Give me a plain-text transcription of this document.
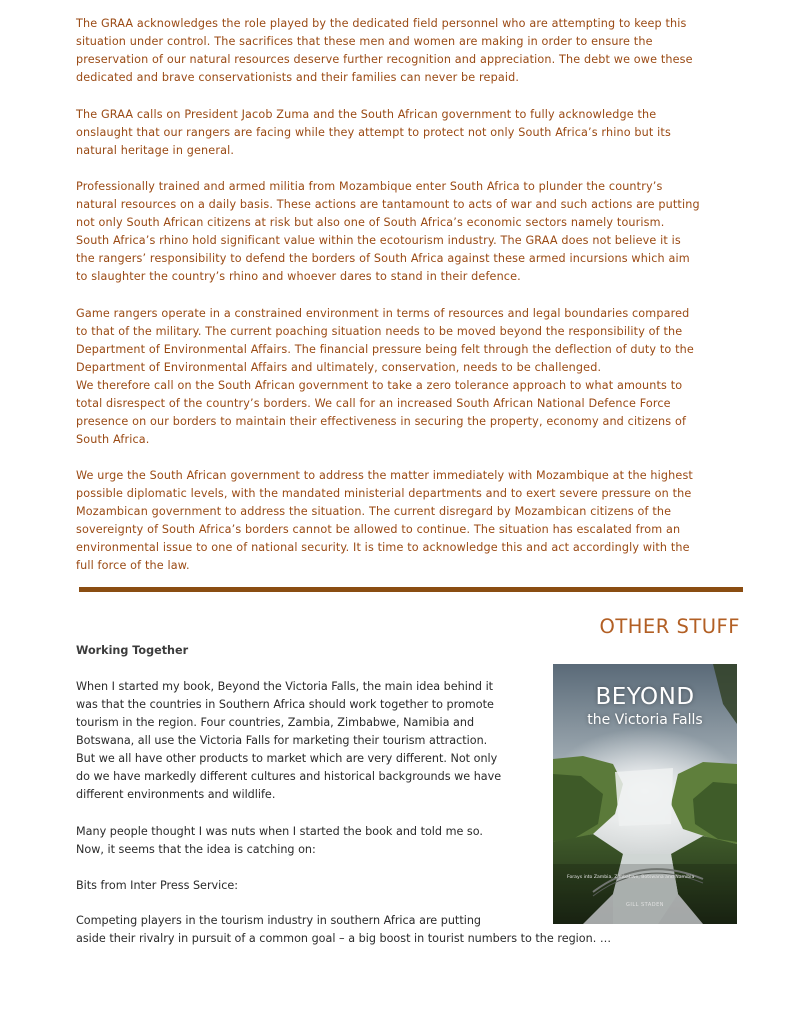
The GRAA acknowledges the role played by the dedicated field personnel who are attempting to keep this
situation under control. The sacrifices that these men and women are making in order to ensure the
preservation of our natural resources deserve further recognition and appreciation. The debt we owe these
dedicated and brave conservationists and their families can never be repaid.

The GRAA calls on President Jacob Zuma and the South African government to fully acknowledge the
onslaught that our rangers are facing while they attempt to protect not only South Africa’s rhino but its
natural heritage in general.

Professionally trained and armed militia from Mozambique enter South Africa to plunder the country’s
natural resources on a daily basis. These actions are tantamount to acts of war and such actions are putting
not only South African citizens at risk but also one of South Africa’s economic sectors namely tourism.
South Africa’s rhino hold significant value within the ecotourism industry. The GRAA does not believe it is
the rangers’ responsibility to defend the borders of South Africa against these armed incursions which aim
to slaughter the country’s rhino and whoever dares to stand in their defence.

Game rangers operate in a constrained environment in terms of resources and legal boundaries compared
to that of the military. The current poaching situation needs to be moved beyond the responsibility of the
Department of Environmental Affairs. The financial pressure being felt through the deflection of duty to the
Department of Environmental Affairs and ultimately, conservation, needs to be challenged.
We therefore call on the South African government to take a zero tolerance approach to what amounts to
total disrespect of the country’s borders. We call for an increased South African National Defence Force
presence on our borders to maintain their effectiveness in securing the property, economy and citizens of
South Africa.

We urge the South African government to address the matter immediately with Mozambique at the highest
possible diplomatic levels, with the mandated ministerial departments and to exert severe pressure on the
Mozambican government to address the situation. The current disregard by Mozambican citizens of the
sovereignty of South Africa’s borders cannot be allowed to continue. The situation has escalated from an
environmental issue to one of national security. It is time to acknowledge this and act accordingly with the
full force of the law.

OTHER STUFF
Working Together

When I started my book, Beyond the Victoria Falls, the main idea behind it
was that the countries in Southern Africa should work together to promote
tourism in the region. Four countries, Zambia, Zimbabwe, Namibia and
Botswana, all use the Victoria Falls for marketing their tourism attraction.
But we all have other products to market which are very different. Not only
do we have markedly different cultures and historical backgrounds we have
different environments and wildlife.

Many people thought I was nuts when I started the book and told me so.
Now, it seems that the idea is catching on:

Bits from Inter Press Service:

Competing players in the tourism industry in southern Africa are putting
aside their rivalry in pursuit of a common goal – a big boost in tourist numbers to the region. …

BEYOND
the Victoria Falls
Forays into Zambia, Zimbabwe, Botswana and Namibia
GILL STADEN
